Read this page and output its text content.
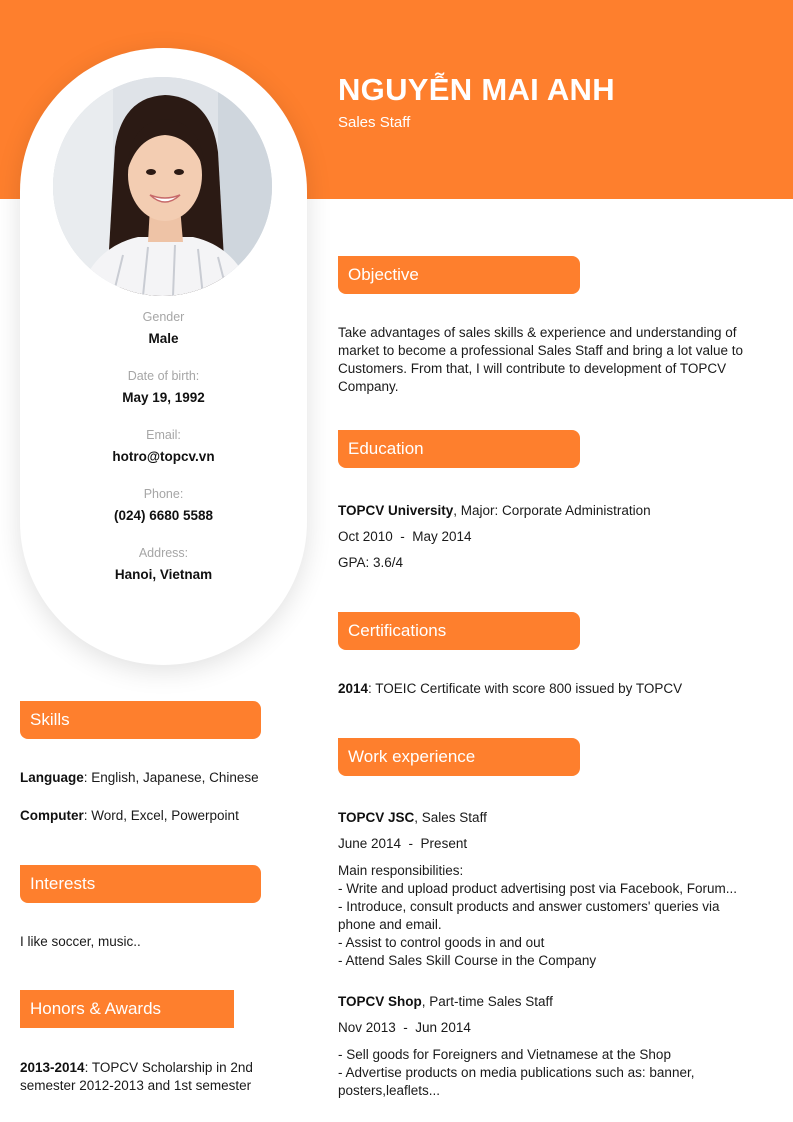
NGUYỄN MAI ANH
Sales Staff
Gender
Male
Date of birth:
May 19, 1992
Email:
hotro@topcv.vn
Phone:
(024) 6680 5588
Address:
Hanoi, Vietnam
Skills
Language: English, Japanese, Chinese
Computer: Word, Excel, Powerpoint
Interests
I like soccer, music..
Honors & Awards
2013-2014: TOPCV Scholarship in 2nd semester 2012-2013 and 1st semester
Objective
Take advantages of sales skills & experience and understanding of market to become a professional Sales Staff and bring a lot value to Customers. From that, I will contribute to development of TOPCV Company.
Education
TOPCV University, Major: Corporate Administration
Oct 2010  -  May 2014
GPA: 3.6/4
Certifications
2014: TOEIC Certificate with score 800 issued by TOPCV
Work experience
TOPCV JSC, Sales Staff
June 2014  -  Present
Main responsibilities:
- Write and upload product advertising post via Facebook, Forum...
- Introduce, consult products and answer customers' queries via phone and email.
- Assist to control goods in and out
- Attend Sales Skill Course in the Company
TOPCV Shop, Part-time Sales Staff
Nov 2013  -  Jun 2014
- Sell goods for Foreigners and Vietnamese at the Shop
- Advertise products on media publications such as: banner, posters,leaflets...
